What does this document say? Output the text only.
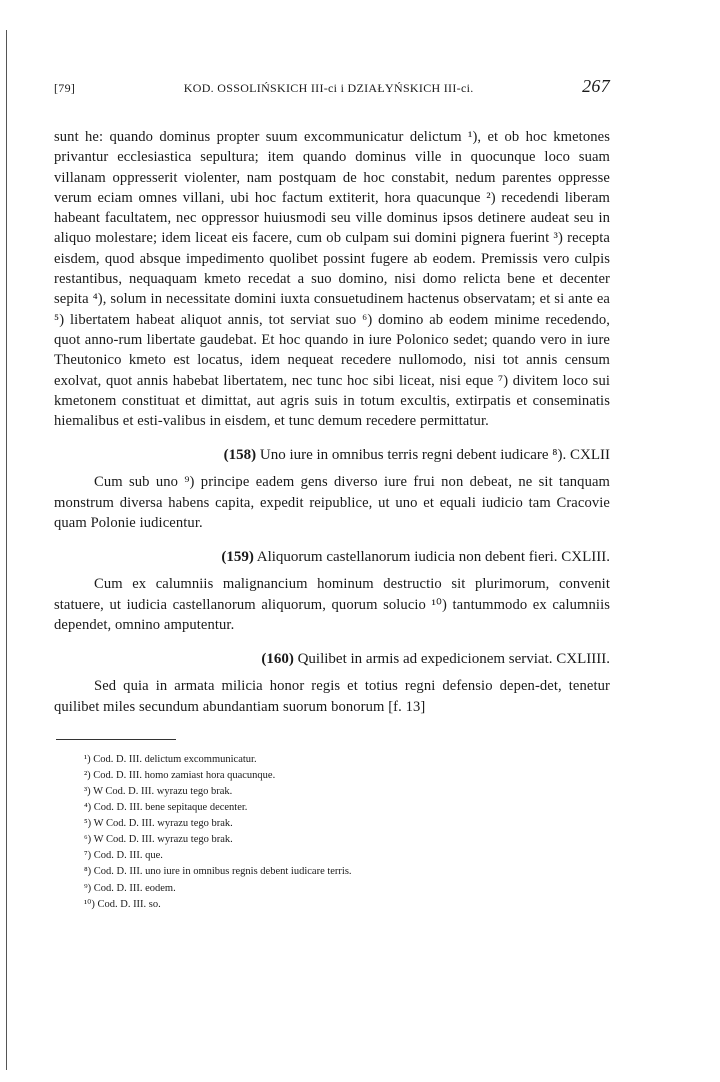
[79]	KOD. OSSOLIŃSKICH III-ci i DZIAŁYŃSKICH III-ci.	267

sunt he: quando dominus propter suum excommunicatur delictum ¹), et ob hoc kmetones privantur ecclesiastica sepultura; item quando dominus ville in quocunque loco suam villanam oppresserit violenter, nam postquam de hoc constabit, nedum parentes oppresse verum eciam omnes villani, ubi hoc factum extiterit, hora quacunque ²) recedendi liberam habeant facultatem, nec oppressor huiusmodi seu ville dominus ipsos detinere audeat seu in aliquo molestare; idem liceat eis facere, cum ob culpam sui domini pignera fuerint ³) recepta eisdem, quod absque impedimento quolibet possint fugere ab eodem. Premissis vero culpis restantibus, nequaquam kmeto recedat a suo domino, nisi domo relicta bene et decenter sepita ⁴), solum in necessitate domini iuxta consuetudinem hactenus observatam; et si ante ea ⁵) libertatem habeat aliquot annis, tot serviat suo ⁶) domino ab eodem minime recedendo, quot anno-rum libertate gaudebat. Et hoc quando in iure Polonico sedet; quando vero in iure Theutonico kmeto est locatus, idem nequeat recedere nullomodo, nisi tot annis censum exolvat, quot annis habebat libertatem, nec tunc hoc sibi liceat, nisi eque ⁷) divitem loco sui kmetonem constituat et dimittat, aut agris suis in totum excultis, extirpatis et conseminatis hiemalibus et esti-valibus in eisdem, et tunc demum recedere permittatur.

(158) Uno iure in omnibus terris regni debent iudicare ⁸). CXLII

Cum sub uno ⁹) principe eadem gens diverso iure frui non debeat, ne sit tanquam monstrum diversa habens capita, expedit reipublice, ut uno et equali iudicio tam Cracovie quam Polonie iudicentur.

(159) Aliquorum castellanorum iudicia non debent fieri. CXLIII.

Cum ex calumniis malignancium hominum destructio sit plurimorum, convenit statuere, ut iudicia castellanorum aliquorum, quorum solucio ¹⁰) tantummodo ex calumniis dependet, omnino amputentur.

(160) Quilibet in armis ad expedicionem serviat. CXLIIII.

Sed quia in armata milicia honor regis et totius regni defensio depen-det, tenetur quilibet miles secundum abundantiam suorum bonorum [f. 13]

¹) Cod. D. III. delictum excommunicatur.
²) Cod. D. III. homo zamiast hora quacunque.
³) W Cod. D. III. wyrazu tego brak.
⁴) Cod. D. III. bene sepitaque decenter.
⁵) W Cod. D. III. wyrazu tego brak.
⁶) W Cod. D. III. wyrazu tego brak.
⁷) Cod. D. III. que.
⁸) Cod. D. III. uno iure in omnibus regnis debent iudicare terris.
⁹) Cod. D. III. eodem.
¹⁰) Cod. D. III. so.
